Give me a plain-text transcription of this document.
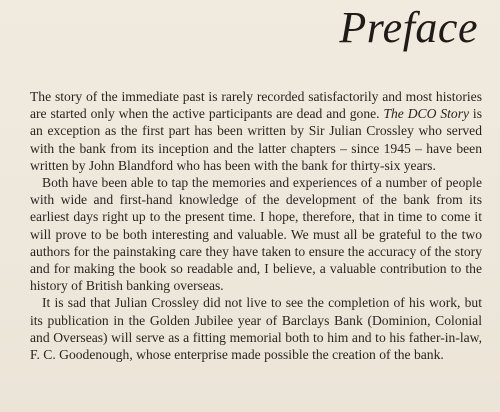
Preface

The story of the immediate past is rarely recorded satisfactorily and most histories are started only when the active participants are dead and gone. The DCO Story is an exception as the first part has been written by Sir Julian Crossley who served with the bank from its inception and the latter chapters – since 1945 – have been written by John Blandford who has been with the bank for thirty-six years.

Both have been able to tap the memories and experiences of a number of people with wide and first-hand knowledge of the development of the bank from its earliest days right up to the present time. I hope, therefore, that in time to come it will prove to be both interesting and valuable. We must all be grateful to the two authors for the painstaking care they have taken to ensure the accuracy of the story and for making the book so readable and, I believe, a valuable contribution to the history of British banking overseas.

It is sad that Julian Crossley did not live to see the completion of his work, but its publication in the Golden Jubilee year of Barclays Bank (Dominion, Colonial and Overseas) will serve as a fitting memorial both to him and to his father-in-law, F. C. Goodenough, whose enterprise made possible the creation of the bank.
